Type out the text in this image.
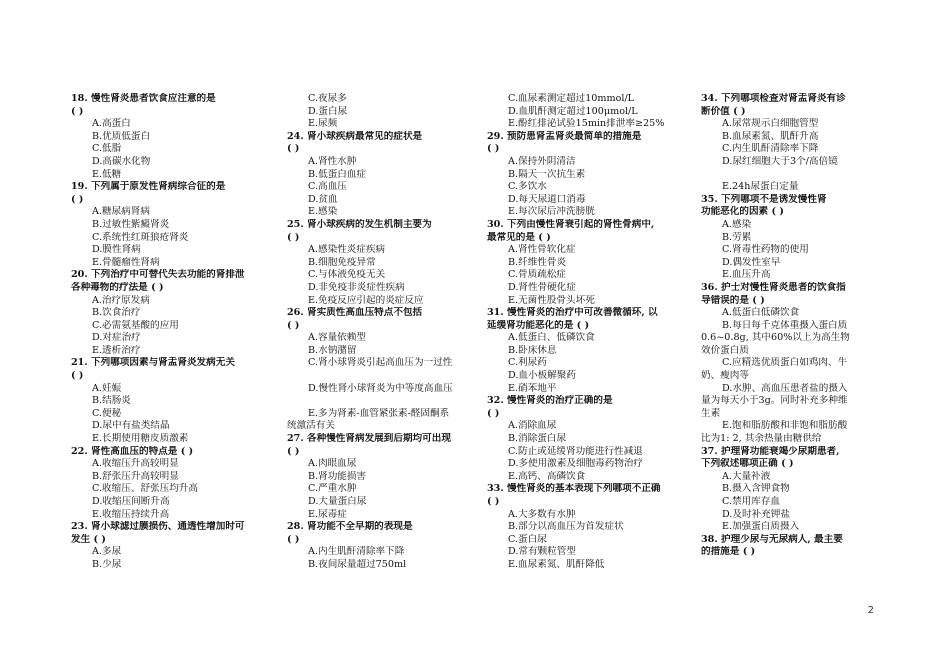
18. 慢性肾炎患者饮食应注意的是
( )
A.高蛋白
B.优质低蛋白
C.低脂
D.高碳水化物
E.低糖
19. 下列属于原发性肾病综合征的是
( )
A.糖尿病肾病
B.过敏性紫癜肾炎
C.系统性红斑狼疮肾炎
D.膜性肾病
E.骨髓瘤性肾病
20. 下列治疗中可替代失去功能的肾排泄
各种毒物的疗法是 ( )
A.治疗原发病
B.饮食治疗
C.必需氨基酸的应用
D.对症治疗
E.透析治疗
21. 下列哪项因素与肾盂肾炎发病无关
( )
A.妊娠
B.结肠炎
C.便秘
D.尿中有盐类结晶
E.长期使用糖皮质激素
22. 肾性高血压的特点是 ( )
A.收缩压升高较明显
B.舒张压升高较明显
C.收缩压、舒张压均升高
D.收缩压间断升高
E.收缩压持续升高
23. 肾小球滤过膜损伤、通透性增加时可
发生 ( )
A.多尿
B.少尿
C.夜尿多
D.蛋白尿
E.尿频
24. 肾小球疾病最常见的症状是
( )
A.肾性水肿
B.低蛋白血症
C.高血压
D.贫血
E.感染
25. 肾小球疾病的发生机制主要为
( )
A.感染性炎症疾病
B.细胞免疫异常
C.与体液免疫无关
D.非免疫非炎症性疾病
E.免疫反应引起的炎症反应
26. 肾实质性高血压特点不包括
( )
A.容量依赖型
B.水钠潴留
C.肾小球肾炎引起高血压为一过性
D.慢性肾小球肾炎为中等度高血压
E.多为肾素-血管紧张素-醛固酮系
统激活有关
27. 各种慢性肾病发展到后期均可出现
( )
A.肉眼血尿
B.肾功能损害
C.严重水肿
D.大量蛋白尿
E.尿毒症
28. 肾功能不全早期的表现是
( )
A.内生肌酐清除率下降
B.夜间尿量超过750ml
C.血尿素测定超过10mmol/L
D.血肌酐测定超过100μmol/L
E.酚红排泌试验15min排泄率≥25%
29. 预防患肾盂肾炎最简单的措施是
( )
A.保持外阴清洁
B.隔天一次抗生素
C.多饮水
D.每天尿道口消毒
E.每次尿后冲洗膀胱
30. 下列由慢性肾衰引起的肾性骨病中,
最常见的是 ( )
A.肾性骨软化症
B.纤维性骨炎
C.骨质疏松症
D.肾性骨硬化症
E.无菌性股骨头坏死
31. 慢性肾炎的治疗中可改善微循环, 以
延缓肾功能恶化的是 ( )
A.低蛋白、低磷饮食
B.卧床休息
C.利尿药
D.血小板解聚药
E.硝苯地平
32. 慢性肾炎的治疗正确的是
( )
A.消除血尿
B.消除蛋白尿
C.防止或延缓肾功能进行性减退
D.多使用激素及细胞毒药物治疗
E.高钙、高磷饮食
33. 慢性肾炎的基本表现下列哪项不正确
( )
A.大多数有水肿
B.部分以高血压为首发症状
C.蛋白尿
D.常有颗粒管型
E.血尿素氮、肌酐降低
34. 下列哪项检查对肾盂肾炎有诊
断价值 ( )
A.尿常规示白细胞管型
B.血尿素氮、肌酐升高
C.内生肌酐清除率下降
D.尿红细胞大于3个/高倍镜
E.24h尿蛋白定量
35. 下列哪项不是诱发慢性肾
功能恶化的因素 ( )
A.感染
B.劳累
C.肾毒性药物的使用
D.偶发性室早
E.血压升高
36. 护士对慢性肾炎患者的饮食指
导错误的是 ( )
A.低蛋白低磷饮食
B.每日每千克体重摄入蛋白质
0.6~0.8g, 其中60%以上为高生物
效价蛋白质
C.应精选优质蛋白如鸡肉、牛
奶、瘦肉等
D.水肿、高血压患者盐的摄入
量为每天小于3g。同时补充多种维
生素
E.饱和脂肪酸和非饱和脂肪酸
比为1: 2, 其余热量由糖供给
37. 护理肾功能衰竭少尿期患者,
下列叙述哪项正确 ( )
A.大量补液
B.摄入含钾食物
C.禁用库存血
D.及时补充钾盐
E.加强蛋白质摄入
38. 护理少尿与无尿病人, 最主要
的措施是 ( )
2
